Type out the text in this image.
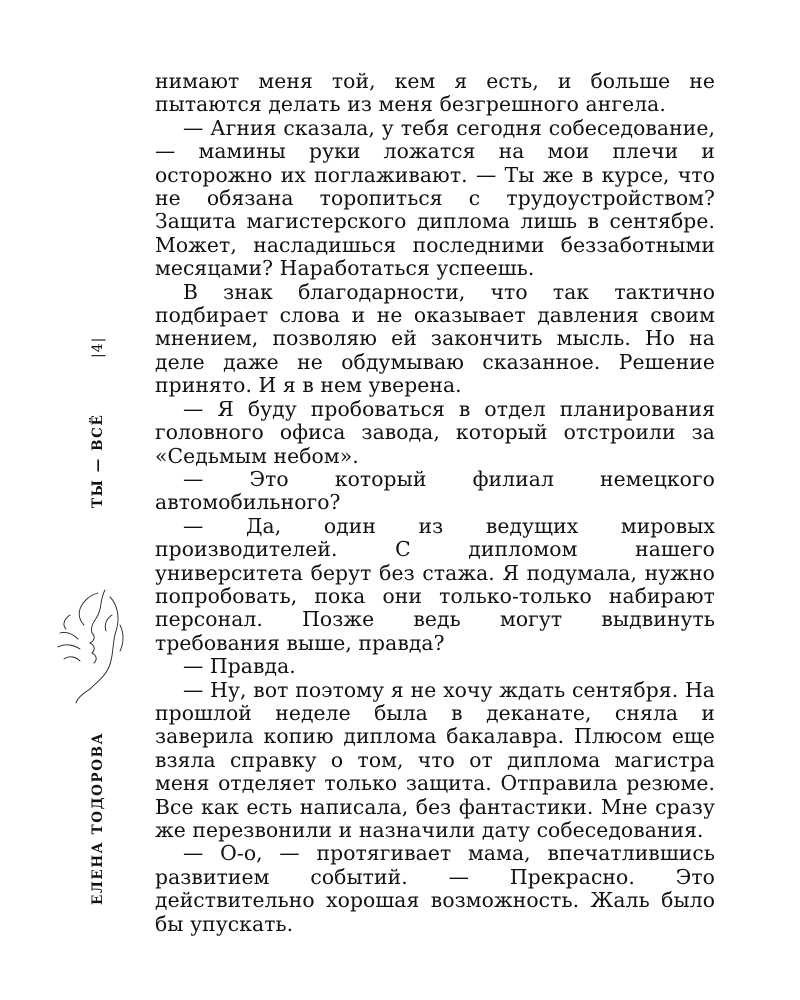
|4|
ТЫ — ВСЁ
ЕЛЕНА ТОДОРОВА

нимают меня той, кем я есть, и больше не пытаются делать из меня безгрешного ангела.

— Агния сказала, у тебя сегодня собеседование, — мамины руки ложатся на мои плечи и осторожно их поглаживают. — Ты же в курсе, что не обязана торопиться с трудоустройством? Защита магистерского диплома лишь в сентябре. Может, насладишься последними беззаботными месяцами? Наработаться успеешь.

В знак благодарности, что так тактично подбирает слова и не оказывает давления своим мнением, позволяю ей закончить мысль. Но на деле даже не обдумываю сказанное. Решение принято. И я в нем уверена.

— Я буду пробоваться в отдел планирования головного офиса завода, который отстроили за «Седьмым небом».

— Это который филиал немецкого автомобильного?

— Да, один из ведущих мировых производителей. С дипломом нашего университета берут без стажа. Я подумала, нужно попробовать, пока они только-только набирают персонал. Позже ведь могут выдвинуть требования выше, правда?

— Правда.

— Ну, вот поэтому я не хочу ждать сентября. На прошлой неделе была в деканате, сняла и заверила копию диплома бакалавра. Плюсом еще взяла справку о том, что от диплома магистра меня отделяет только защита. Отправила резюме. Все как есть написала, без фантастики. Мне сразу же перезвонили и назначили дату собеседования.

— О-о, — протягивает мама, впечатлившись развитием событий. — Прекрасно. Это действительно хорошая возможность. Жаль было бы упускать.
